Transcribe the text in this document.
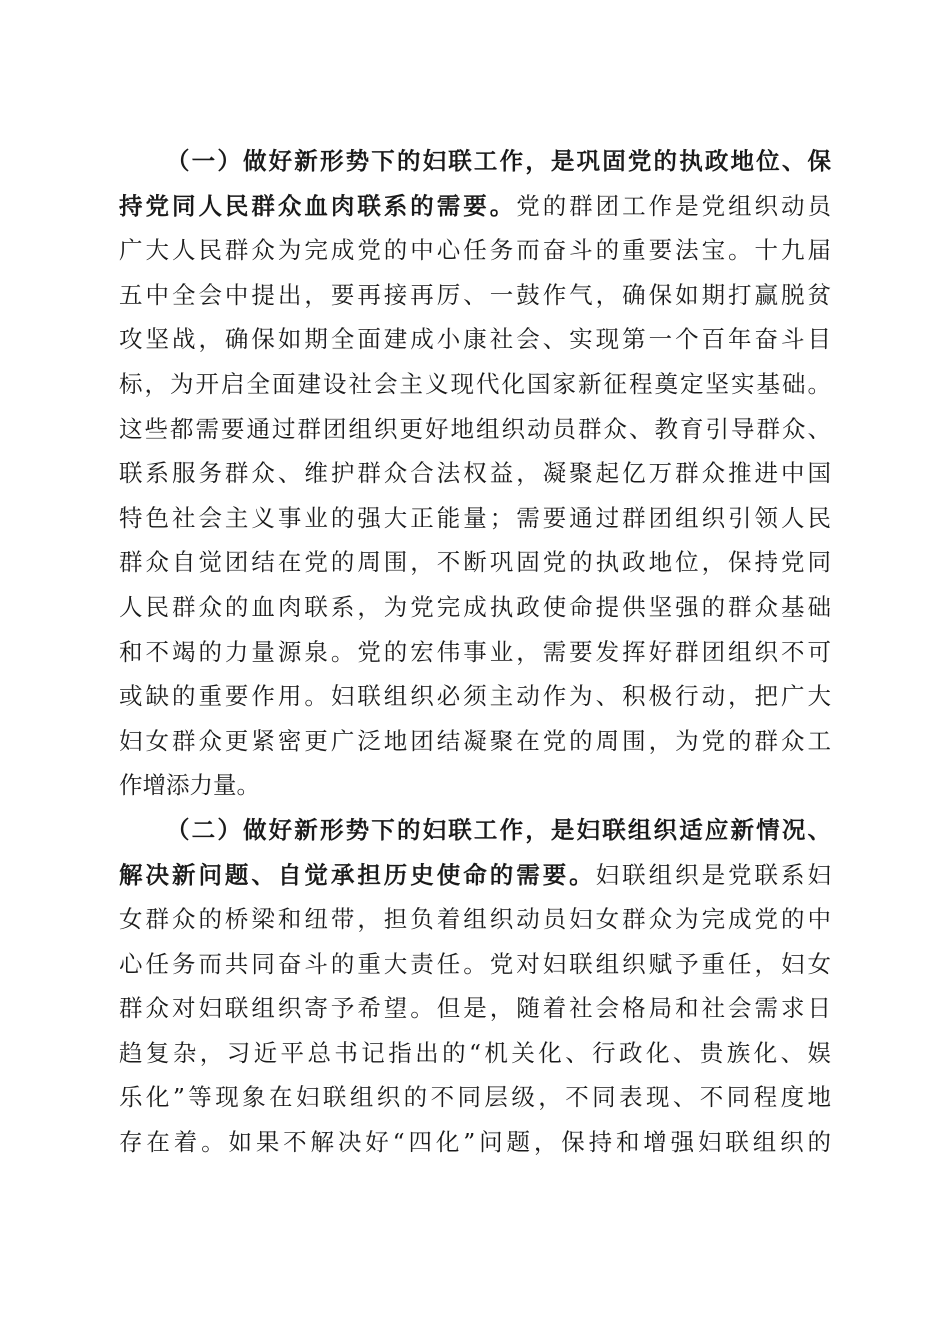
（一）做好新形势下的妇联工作，是巩固党的执政地位、保
持党同人民群众血肉联系的需要。党的群团工作是党组织动员
广大人民群众为完成党的中心任务而奋斗的重要法宝。十九届
五中全会中提出，要再接再厉、一鼓作气，确保如期打赢脱贫
攻坚战，确保如期全面建成小康社会、实现第一个百年奋斗目
标，为开启全面建设社会主义现代化国家新征程奠定坚实基础。
这些都需要通过群团组织更好地组织动员群众、教育引导群众、
联系服务群众、维护群众合法权益，凝聚起亿万群众推进中国
特色社会主义事业的强大正能量；需要通过群团组织引领人民
群众自觉团结在党的周围，不断巩固党的执政地位，保持党同
人民群众的血肉联系，为党完成执政使命提供坚强的群众基础
和不竭的力量源泉。党的宏伟事业，需要发挥好群团组织不可
或缺的重要作用。妇联组织必须主动作为、积极行动，把广大
妇女群众更紧密更广泛地团结凝聚在党的周围，为党的群众工
作增添力量。
（二）做好新形势下的妇联工作，是妇联组织适应新情况、
解决新问题、自觉承担历史使命的需要。妇联组织是党联系妇
女群众的桥梁和纽带，担负着组织动员妇女群众为完成党的中
心任务而共同奋斗的重大责任。党对妇联组织赋予重任，妇女
群众对妇联组织寄予希望。但是，随着社会格局和社会需求日
趋复杂，习近平总书记指出的“机关化、行政化、贵族化、娱
乐化”等现象在妇联组织的不同层级，不同表现、不同程度地
存在着。如果不解决好“四化”问题，保持和增强妇联组织的
